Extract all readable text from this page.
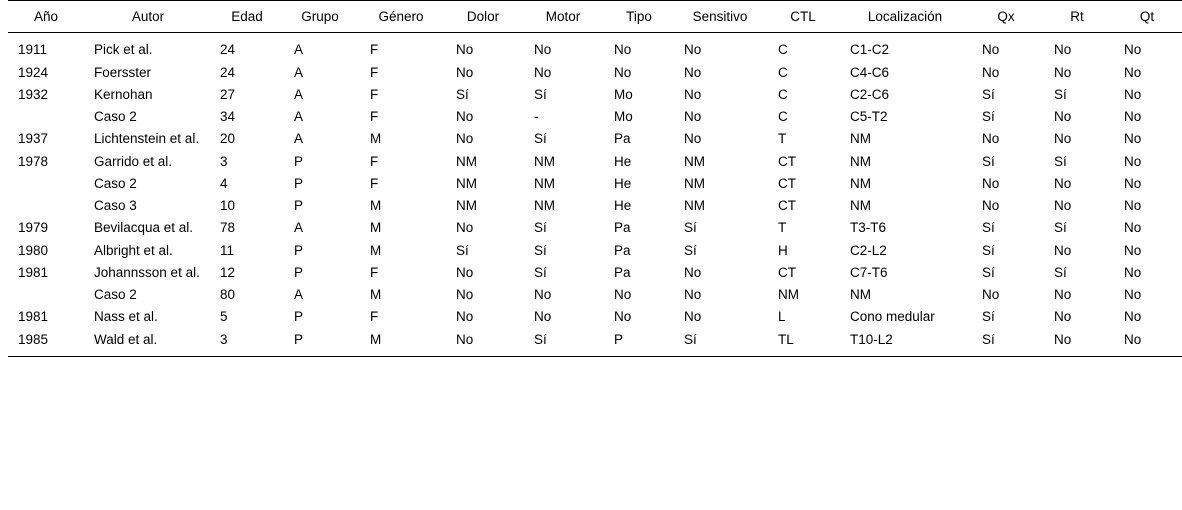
Año	Autor	Edad	Grupo	Género	Dolor	Motor	Tipo	Sensitivo	CTL	Localización	Qx	Rt	Qt
1911	Pick et al.	24	A	F	No	No	No	No	C	C1-C2	No	No	No
1924	Foersster	24	A	F	No	No	No	No	C	C4-C6	No	No	No
1932	Kernohan	27	A	F	Sí	Sí	Mo	No	C	C2-C6	Sí	Sí	No
	Caso 2	34	A	F	No	-	Mo	No	C	C5-T2	Sí	No	No
1937	Lichtenstein et al.	20	A	M	No	Sí	Pa	No	T	NM	No	No	No
1978	Garrido et al.	3	P	F	NM	NM	He	NM	CT	NM	Sí	Sí	No
	Caso 2	4	P	F	NM	NM	He	NM	CT	NM	No	No	No
	Caso 3	10	P	M	NM	NM	He	NM	CT	NM	No	No	No
1979	Bevilacqua et al.	78	A	M	No	Sí	Pa	Sí	T	T3-T6	Sí	Sí	No
1980	Albright et al.	11	P	M	Sí	Sí	Pa	Sí	H	C2-L2	Sí	No	No
1981	Johannsson et al.	12	P	F	No	Sí	Pa	No	CT	C7-T6	Sí	Sí	No
	Caso 2	80	A	M	No	No	No	No	NM	NM	No	No	No
1981	Nass et al.	5	P	F	No	No	No	No	L	Cono medular	Sí	No	No
1985	Wald et al.	3	P	M	No	Sí	P	Sí	TL	T10-L2	Sí	No	No
